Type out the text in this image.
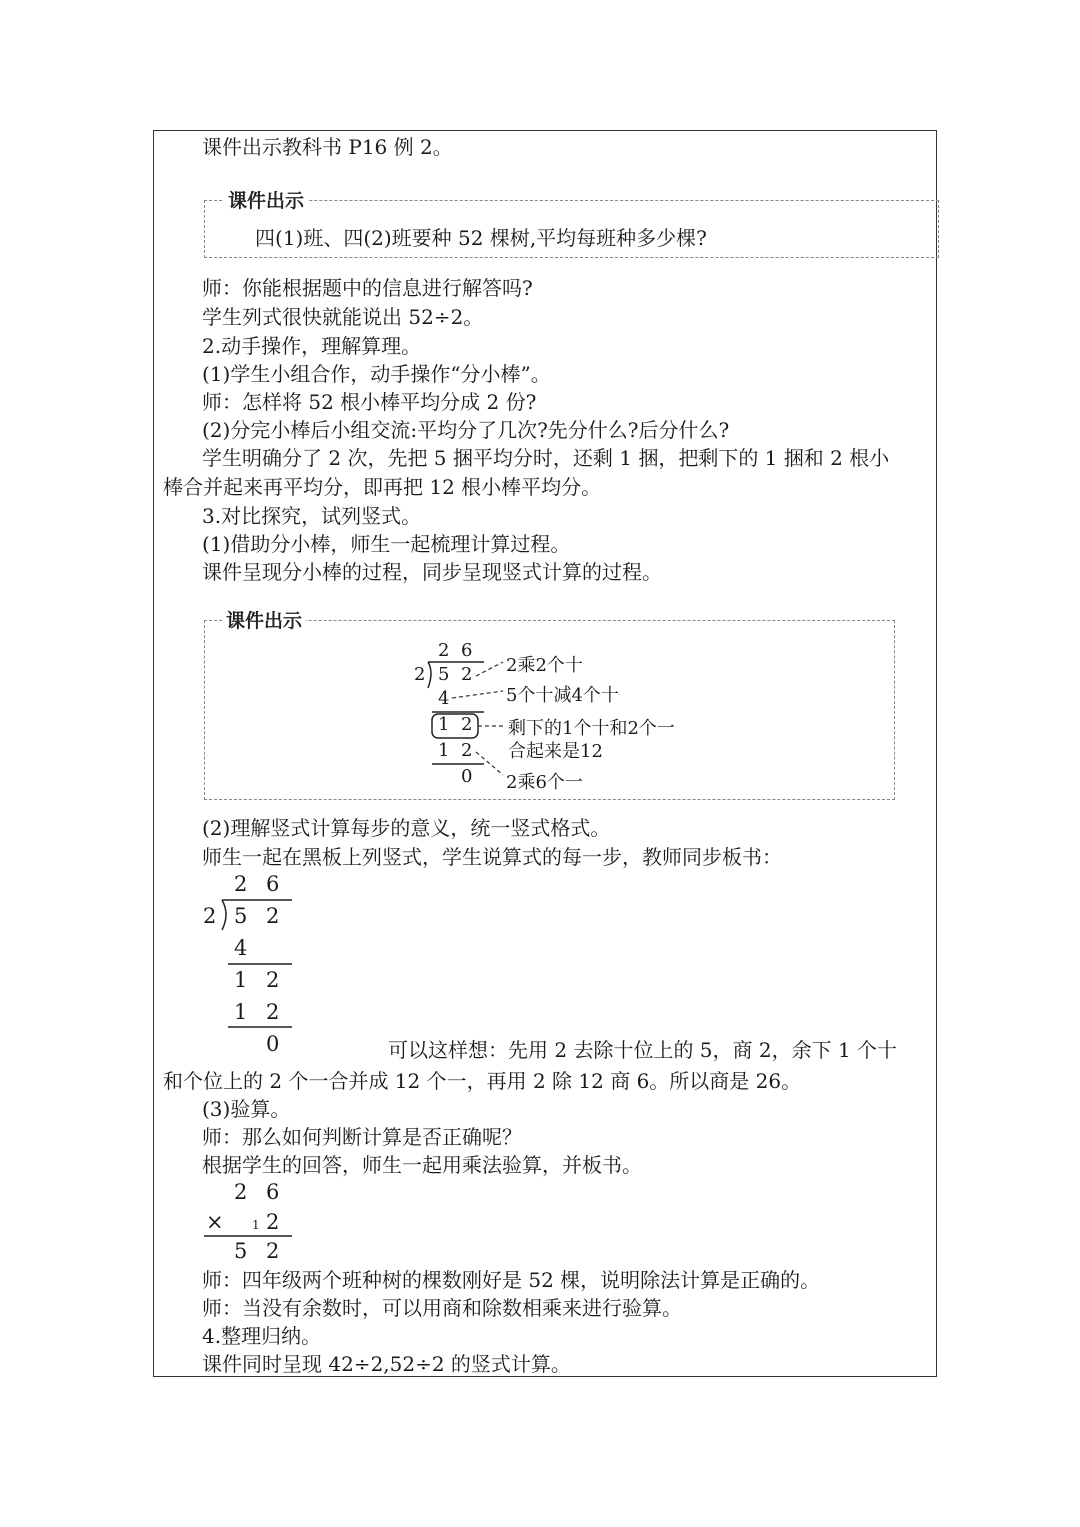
课件出示教科书 P16 例 2。
课件出示
四(1)班、四(2)班要种 52 棵树,平均每班种多少棵?
师：你能根据题中的信息进行解答吗?
学生列式很快就能说出 52÷2。
2.动手操作，理解算理。
(1)学生小组合作，动手操作“分小棒”。
师：怎样将 52 根小棒平均分成 2 份?
(2)分完小棒后小组交流:平均分了几次?先分什么?后分什么?
学生明确分了 2 次，先把 5 捆平均分时，还剩 1 捆，把剩下的 1 捆和 2 根小
棒合并起来再平均分，即再把 12 根小棒平均分。
3.对比探究，试列竖式。
(1)借助分小棒，师生一起梳理计算过程。
课件呈现分小棒的过程，同步呈现竖式计算的过程。
课件出示
2 6
2 5 2
4
1 2
1 2
0
2乘2个十
5个十减4个十
剩下的1个十和2个一
合起来是12
2乘6个一
(2)理解竖式计算每步的意义，统一竖式格式。
师生一起在黑板上列竖式，学生说算式的每一步，教师同步板书：
2 6
2 5 2
4
1 2
1 2
0	可以这样想：先用 2 去除十位上的 5，商 2，余下 1 个十
和个位上的 2 个一合并成 12 个一，再用 2 除 12 商 6。所以商是 26。
(3)验算。
师：那么如何判断计算是否正确呢？
根据学生的回答，师生一起用乘法验算，并板书。
2 6
× 1 2
5 2
师：四年级两个班种树的棵数刚好是 52 棵，说明除法计算是正确的。
师：当没有余数时，可以用商和除数相乘来进行验算。
4.整理归纳。
课件同时呈现 42÷2,52÷2 的竖式计算。
